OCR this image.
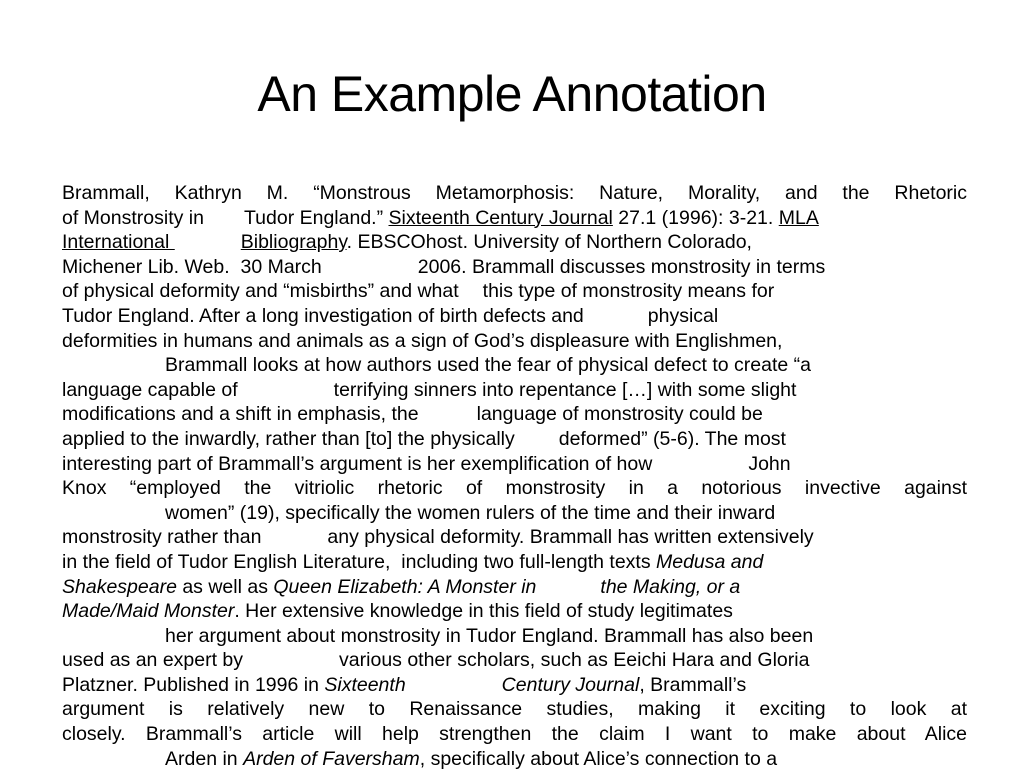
An Example Annotation
Brammall, Kathryn M. “Monstrous Metamorphosis: Nature, Morality, and the Rhetoric
of Monstrosity in Tudor England.” Sixteenth Century Journal 27.1 (1996): 3-21. MLA
International	Bibliography. EBSCOhost. University of Northern Colorado,
Michener Lib. Web.  30 March	2006. Brammall discusses monstrosity in terms
of physical deformity and “misbirths” and what this type of monstrosity means for
Tudor England. After a long investigation of birth defects and	physical
deformities in humans and animals as a sign of God’s displeasure with Englishmen,
Brammall looks at how authors used the fear of physical defect to create “a
language capable of	terrifying sinners into repentance […] with some slight
modifications and a shift in emphasis, the	language of monstrosity could be
applied to the inwardly, rather than [to] the physically deformed” (5-6). The most
interesting part of Brammall’s argument is her exemplification of how	John
Knox “employed the vitriolic rhetoric of monstrosity in a notorious invective against
women” (19), specifically the women rulers of the time and their inward
monstrosity rather than	any physical deformity. Brammall has written extensively
in the field of Tudor English Literature,  including two full-length texts Medusa and
Shakespeare as well as Queen Elizabeth: A Monster in	the Making, or a
Made/Maid Monster. Her extensive knowledge in this field of study legitimates
her argument about monstrosity in Tudor England. Brammall has also been
used as an expert by	various other scholars, such as Eeichi Hara and Gloria
Platzner. Published in 1996 in Sixteenth	Century Journal, Brammall’s
argument is relatively new to Renaissance studies, making it exciting to look at
closely. Brammall’s article will help strengthen the claim I want to make about Alice
Arden in Arden of Faversham, specifically about Alice’s connection to a
